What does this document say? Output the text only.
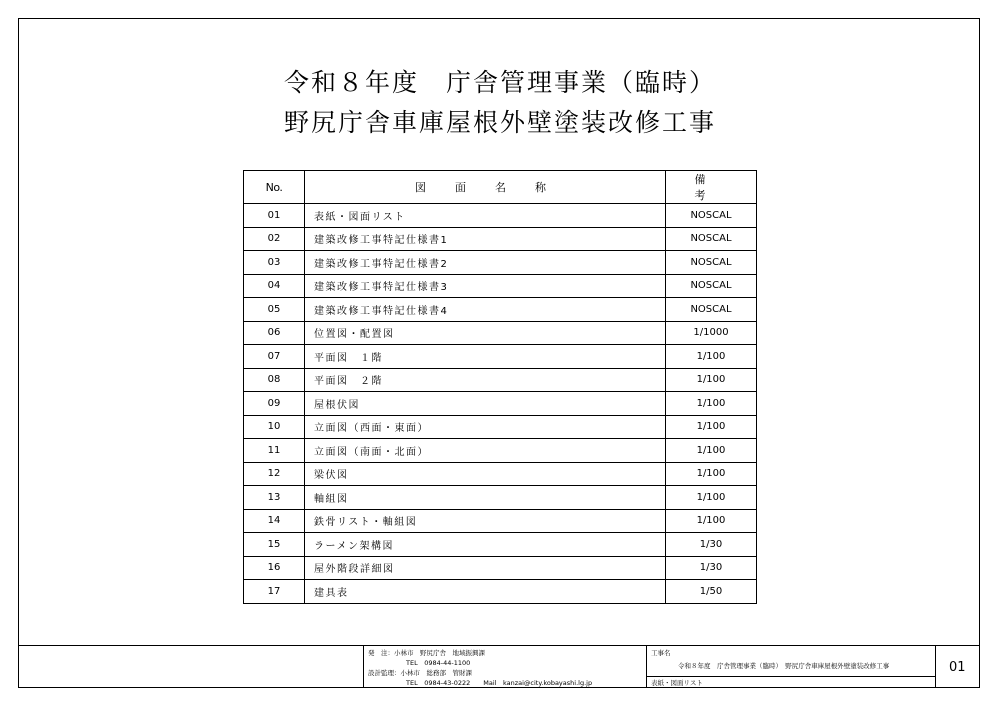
令和８年度　庁舎管理事業（臨時）
野尻庁舎車庫屋根外壁塗装改修工事
No.	図　面　名　称	備　考
01	表紙・図面リスト	NOSCAL
02	建築改修工事特記仕様書1	NOSCAL
03	建築改修工事特記仕様書2	NOSCAL
04	建築改修工事特記仕様書3	NOSCAL
05	建築改修工事特記仕様書4	NOSCAL
06	位置図・配置図	1/1000
07	平面図　１階	1/100
08	平面図　２階	1/100
09	屋根伏図	1/100
10	立面図（西面・東面）	1/100
11	立面図（南面・北面）	1/100
12	梁伏図	1/100
13	軸組図	1/100
14	鉄骨リスト・軸組図	1/100
15	ラーメン架構図	1/30
16	屋外階段詳細図	1/30
17	建具表	1/50
発　注：小林市　野尻庁舎　地域振興課
TEL　0984-44-1100
設計監理：小林市　総務部　管財課
TEL　0984-43-0222　　Mail　kanzai@city.kobayashi.lg.jp
工事名
令和８年度　庁舎管理事業（臨時）　野尻庁舎車庫屋根外壁塗装改修工事
表紙・図面リスト
01
